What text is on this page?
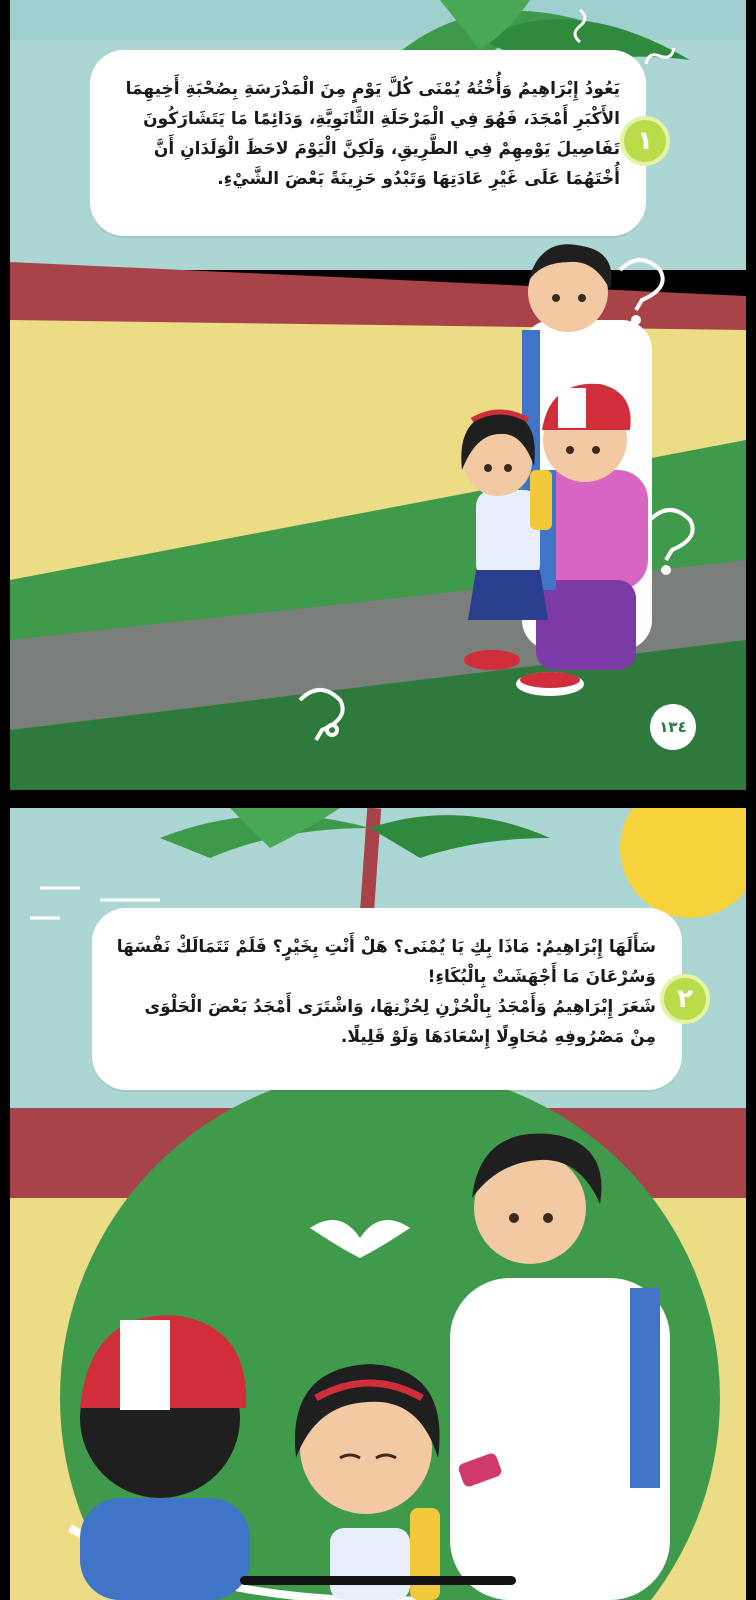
يَعُودُ إِبْرَاهِيمُ وَأُخْتُهُ يُمْنَى كُلَّ يَوْمٍ مِنَ الْمَدْرَسَةِ بِصُحْبَةِ أَخِيهِمَا الأَكْبَرِ أَمْجَدَ، فَهُوَ فِي الْمَرْحَلَةِ الثَّانَوِيَّةِ، وَدَائِمًا مَا يَتَشَارَكُونَ تَفَاصِيلَ يَوْمِهِمْ فِي الطَّرِيقِ، وَلَكِنَّ الْيَوْمَ لاحَظَ الْوَلَدَانِ أَنَّ أُخْتَهُمَا عَلَى غَيْرِ عَادَتِهَا وَتَبْدُو حَزِينَةً بَعْضَ الشَّيْءِ.

١
١٣٤

سَأَلَهَا إِبْرَاهِيمُ: مَاذَا بِكِ يَا يُمْنَى؟ هَلْ أَنْتِ بِخَيْرٍ؟ فَلَمْ تَتَمَالَكْ نَفْسَهَا وَسُرْعَانَ مَا أَجْهَشَتْ بِالْبُكَاءِ!

شَعَرَ إِبْرَاهِيمُ وَأَمْجَدُ بِالْحُزْنِ لِحُزْنِهَا، وَاشْتَرَى أَمْجَدُ بَعْضَ الْحَلْوَى مِنْ مَصْرُوفِهِ مُحَاوِلًا إِسْعَادَهَا وَلَوْ قَلِيلًا.

٢
